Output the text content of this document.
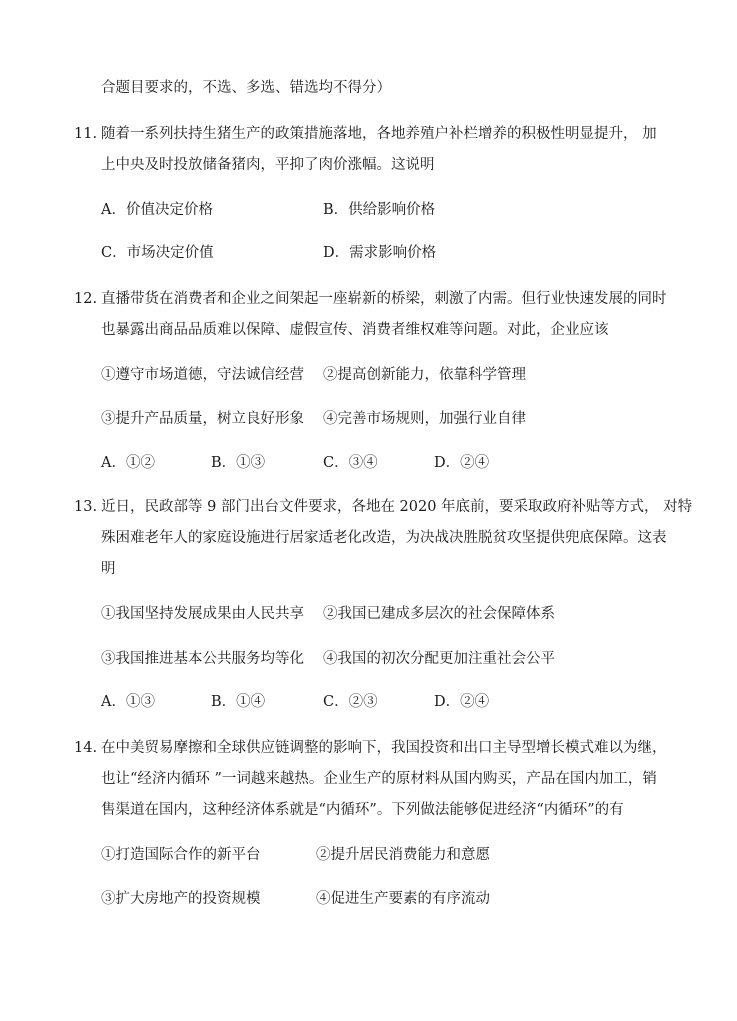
合题目要求的，不选、多选、错选均不得分）
11. 随着一系列扶持生猪生产的政策措施落地，各地养殖户补栏增养的积极性明显提升， 加
上中央及时投放储备猪肉，平抑了肉价涨幅。这说明
A．价值决定价格	B．供给影响价格
C．市场决定价值	D．需求影响价格
12. 直播带货在消费者和企业之间架起一座崭新的桥梁，刺激了内需。但行业快速发展的同时
也暴露出商品品质难以保障、虚假宣传、消费者维权难等问题。对此，企业应该
①遵守市场道德，守法诚信经营 ②提高创新能力，依靠科学管理
③提升产品质量，树立良好形象 ④完善市场规则，加强行业自律
A．①②	B．①③	C．③④	D．②④
13. 近日，民政部等 9 部门出台文件要求，各地在 2020 年底前，要采取政府补贴等方式， 对特
殊困难老年人的家庭设施进行居家适老化改造，为决战决胜脱贫攻坚提供兜底保障。这表
明
①我国坚持发展成果由人民共享 ②我国已建成多层次的社会保障体系
③我国推进基本公共服务均等化 ④我国的初次分配更加注重社会公平
A．①③	B．①④	C．②③	D．②④
14. 在中美贸易摩擦和全球供应链调整的影响下，我国投资和出口主导型增长模式难以为继，
也让“经济内循环 ”一词越来越热。企业生产的原材料从国内购买，产品在国内加工，销
售渠道在国内，这种经济体系就是“内循环”。下列做法能够促进经济“内循环”的有
①打造国际合作的新平台	②提升居民消费能力和意愿
③扩大房地产的投资规模	④促进生产要素的有序流动
